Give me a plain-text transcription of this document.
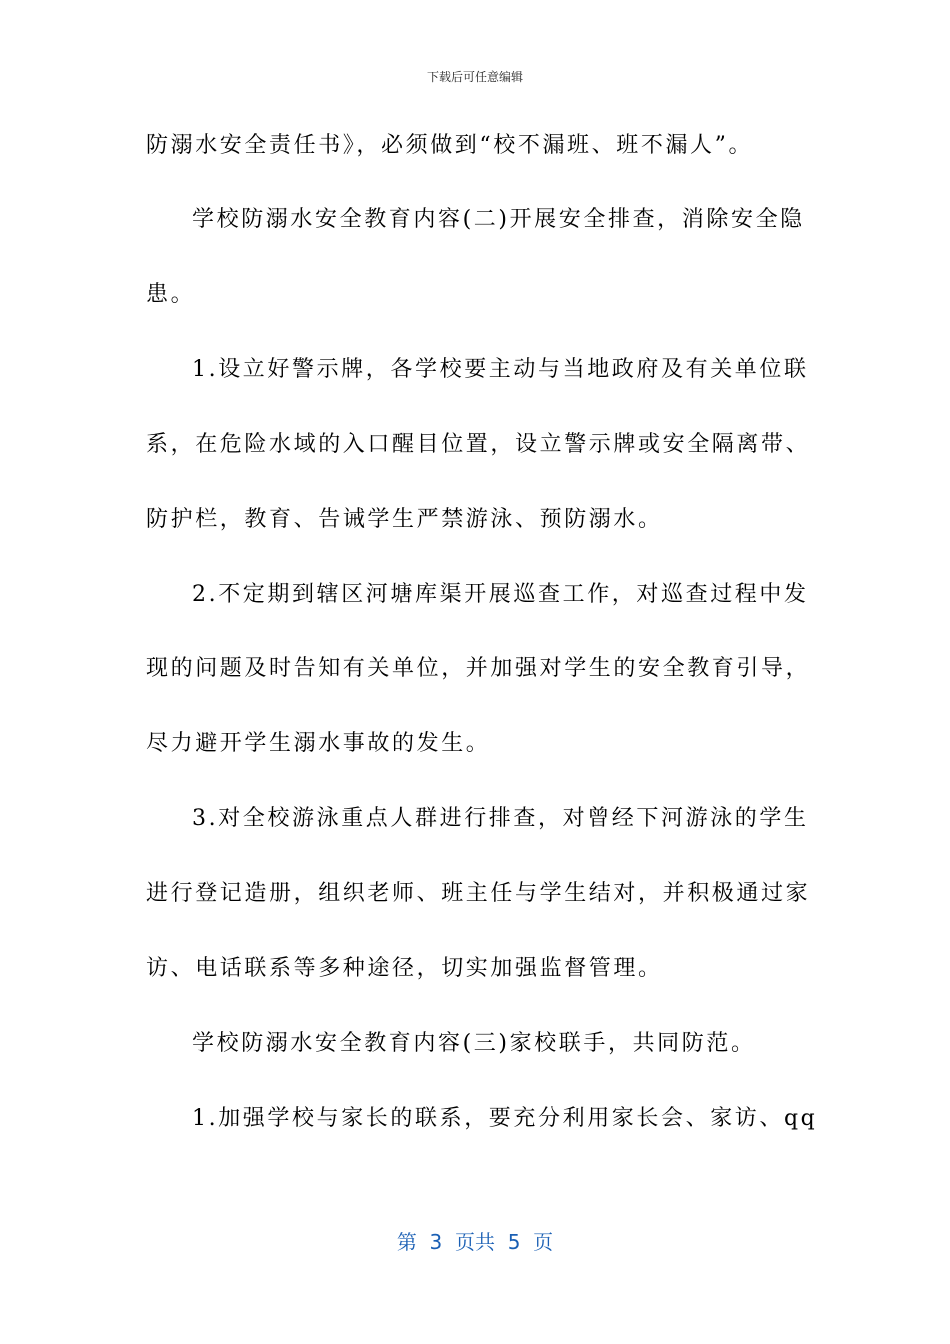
下载后可任意编辑
防溺水安全责任书》，必须做到“校不漏班、班不漏人”。
学校防溺水安全教育内容(二)开展安全排查，消除安全隐
患。
1.设立好警示牌，各学校要主动与当地政府及有关单位联
系，在危险水域的入口醒目位置，设立警示牌或安全隔离带、
防护栏，教育、告诫学生严禁游泳、预防溺水。
2.不定期到辖区河塘库渠开展巡查工作，对巡查过程中发
现的问题及时告知有关单位，并加强对学生的安全教育引导，
尽力避开学生溺水事故的发生。
3.对全校游泳重点人群进行排查，对曾经下河游泳的学生
进行登记造册，组织老师、班主任与学生结对，并积极通过家
访、电话联系等多种途径，切实加强监督管理。
学校防溺水安全教育内容(三)家校联手，共同防范。
1.加强学校与家长的联系，要充分利用家长会、家访、qq
第  3  页共  5  页
